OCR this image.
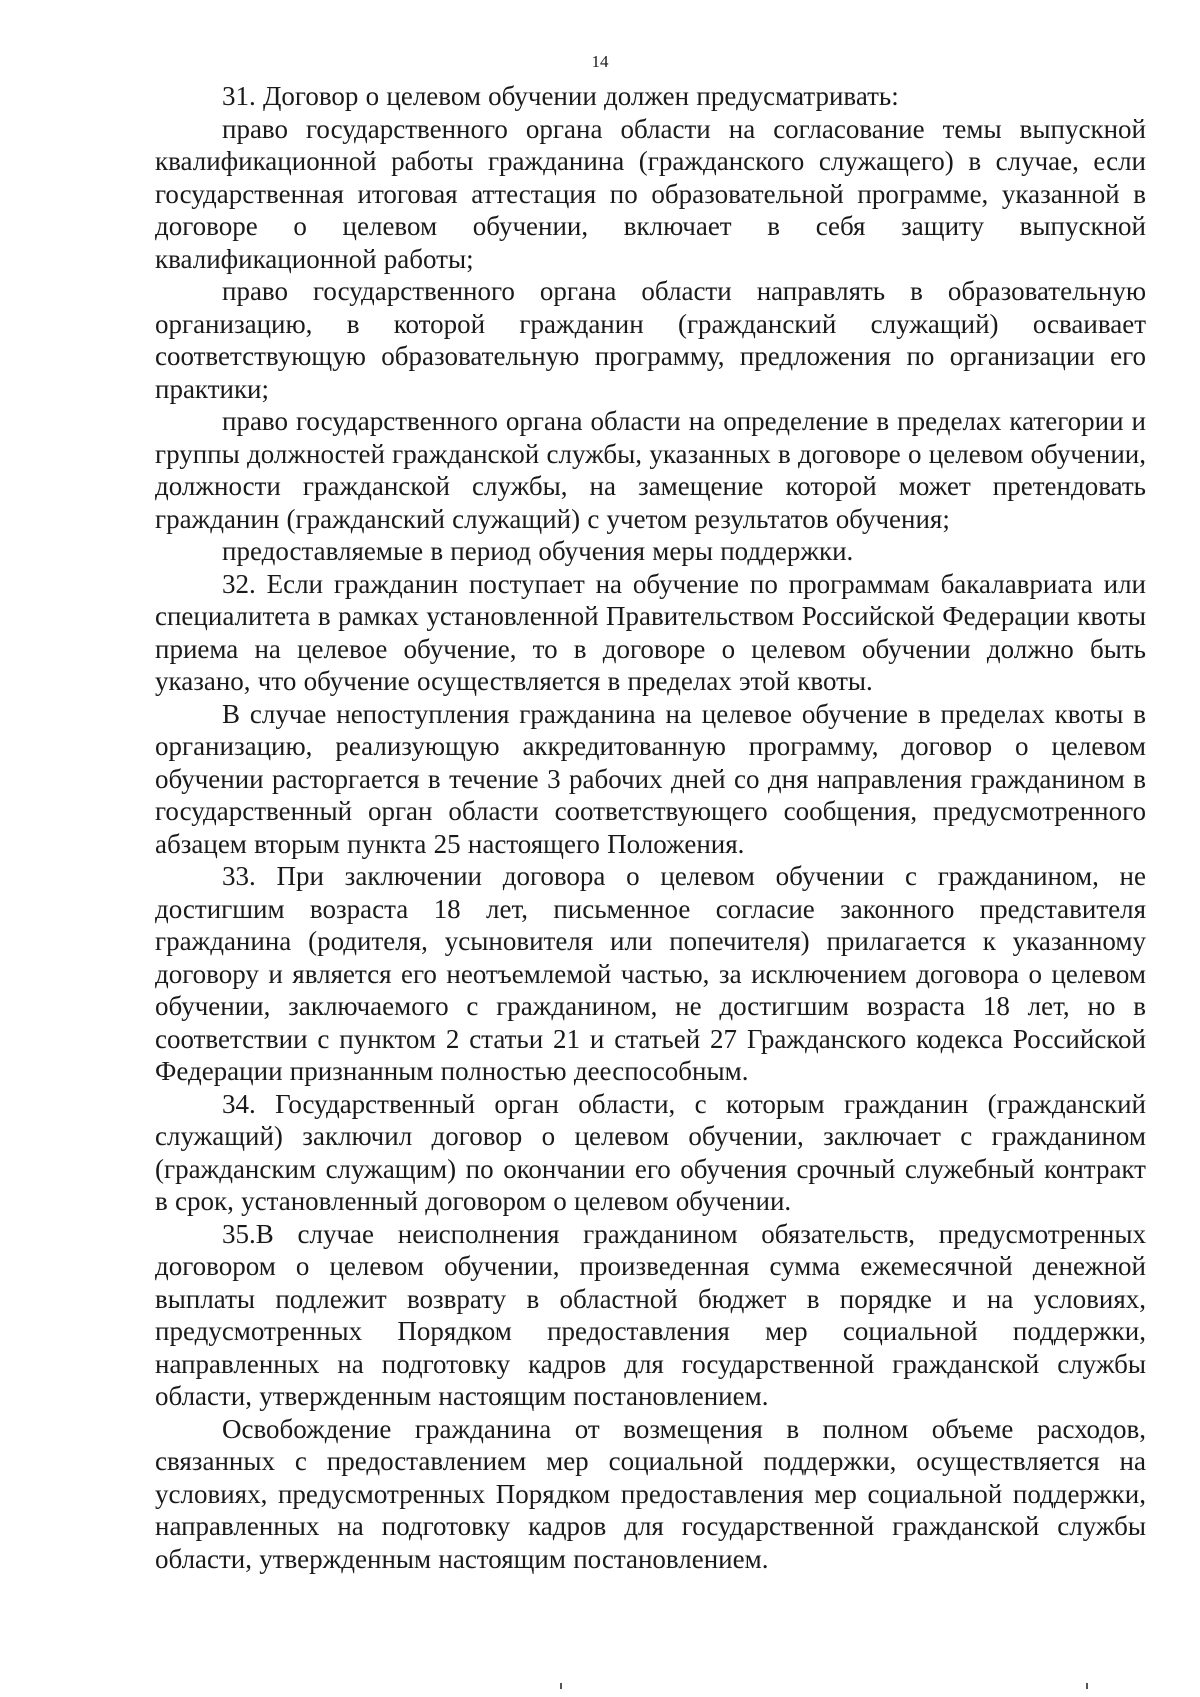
14

31. Договор о целевом обучении должен предусматривать:

право государственного органа области на согласование темы выпускной квалификационной работы гражданина (гражданского служащего) в случае, если государственная итоговая аттестация по образовательной программе, указанной в договоре о целевом обучении, включает в себя защиту выпускной квалификационной работы;

право государственного органа области направлять в образовательную организацию, в которой гражданин (гражданский служащий) осваивает соответствующую образовательную программу, предложения по организации его практики;

право государственного органа области на определение в пределах категории и группы должностей гражданской службы, указанных в договоре о целевом обучении, должности гражданской службы, на замещение которой может претендовать гражданин (гражданский служащий) с учетом результатов обучения;

предоставляемые в период обучения меры поддержки.

32. Если гражданин поступает на обучение по программам бакалавриата или специалитета в рамках установленной Правительством Российской Федерации квоты приема на целевое обучение, то в договоре о целевом обучении должно быть указано, что обучение осуществляется в пределах этой квоты.

В случае непоступления гражданина на целевое обучение в пределах квоты в организацию, реализующую аккредитованную программу, договор о целевом обучении расторгается в течение 3 рабочих дней со дня направления гражданином в государственный орган области соответствующего сообщения, предусмотренного абзацем вторым пункта 25 настоящего Положения.

33. При заключении договора о целевом обучении с гражданином, не достигшим возраста 18 лет, письменное согласие законного представителя гражданина (родителя, усыновителя или попечителя) прилагается к указанному договору и является его неотъемлемой частью, за исключением договора о целевом обучении, заключаемого с гражданином, не достигшим возраста 18 лет, но в соответствии с пунктом 2 статьи 21 и статьей 27 Гражданского кодекса Российской Федерации признанным полностью дееспособным.

34. Государственный орган области, с которым гражданин (гражданский служащий) заключил договор о целевом обучении, заключает с гражданином (гражданским служащим) по окончании его обучения срочный служебный контракт в срок, установленный договором о целевом обучении.

35.В случае неисполнения гражданином обязательств, предусмотренных договором о целевом обучении, произведенная сумма ежемесячной денежной выплаты подлежит возврату в областной бюджет в порядке и на условиях, предусмотренных Порядком предоставления мер социальной поддержки, направленных на подготовку кадров для государственной гражданской службы области, утвержденным настоящим постановлением.

Освобождение гражданина от возмещения в полном объеме расходов, связанных с предоставлением мер социальной поддержки, осуществляется на условиях, предусмотренных Порядком предоставления мер социальной поддержки, направленных на подготовку кадров для государственной гражданской службы области, утвержденным настоящим постановлением.
